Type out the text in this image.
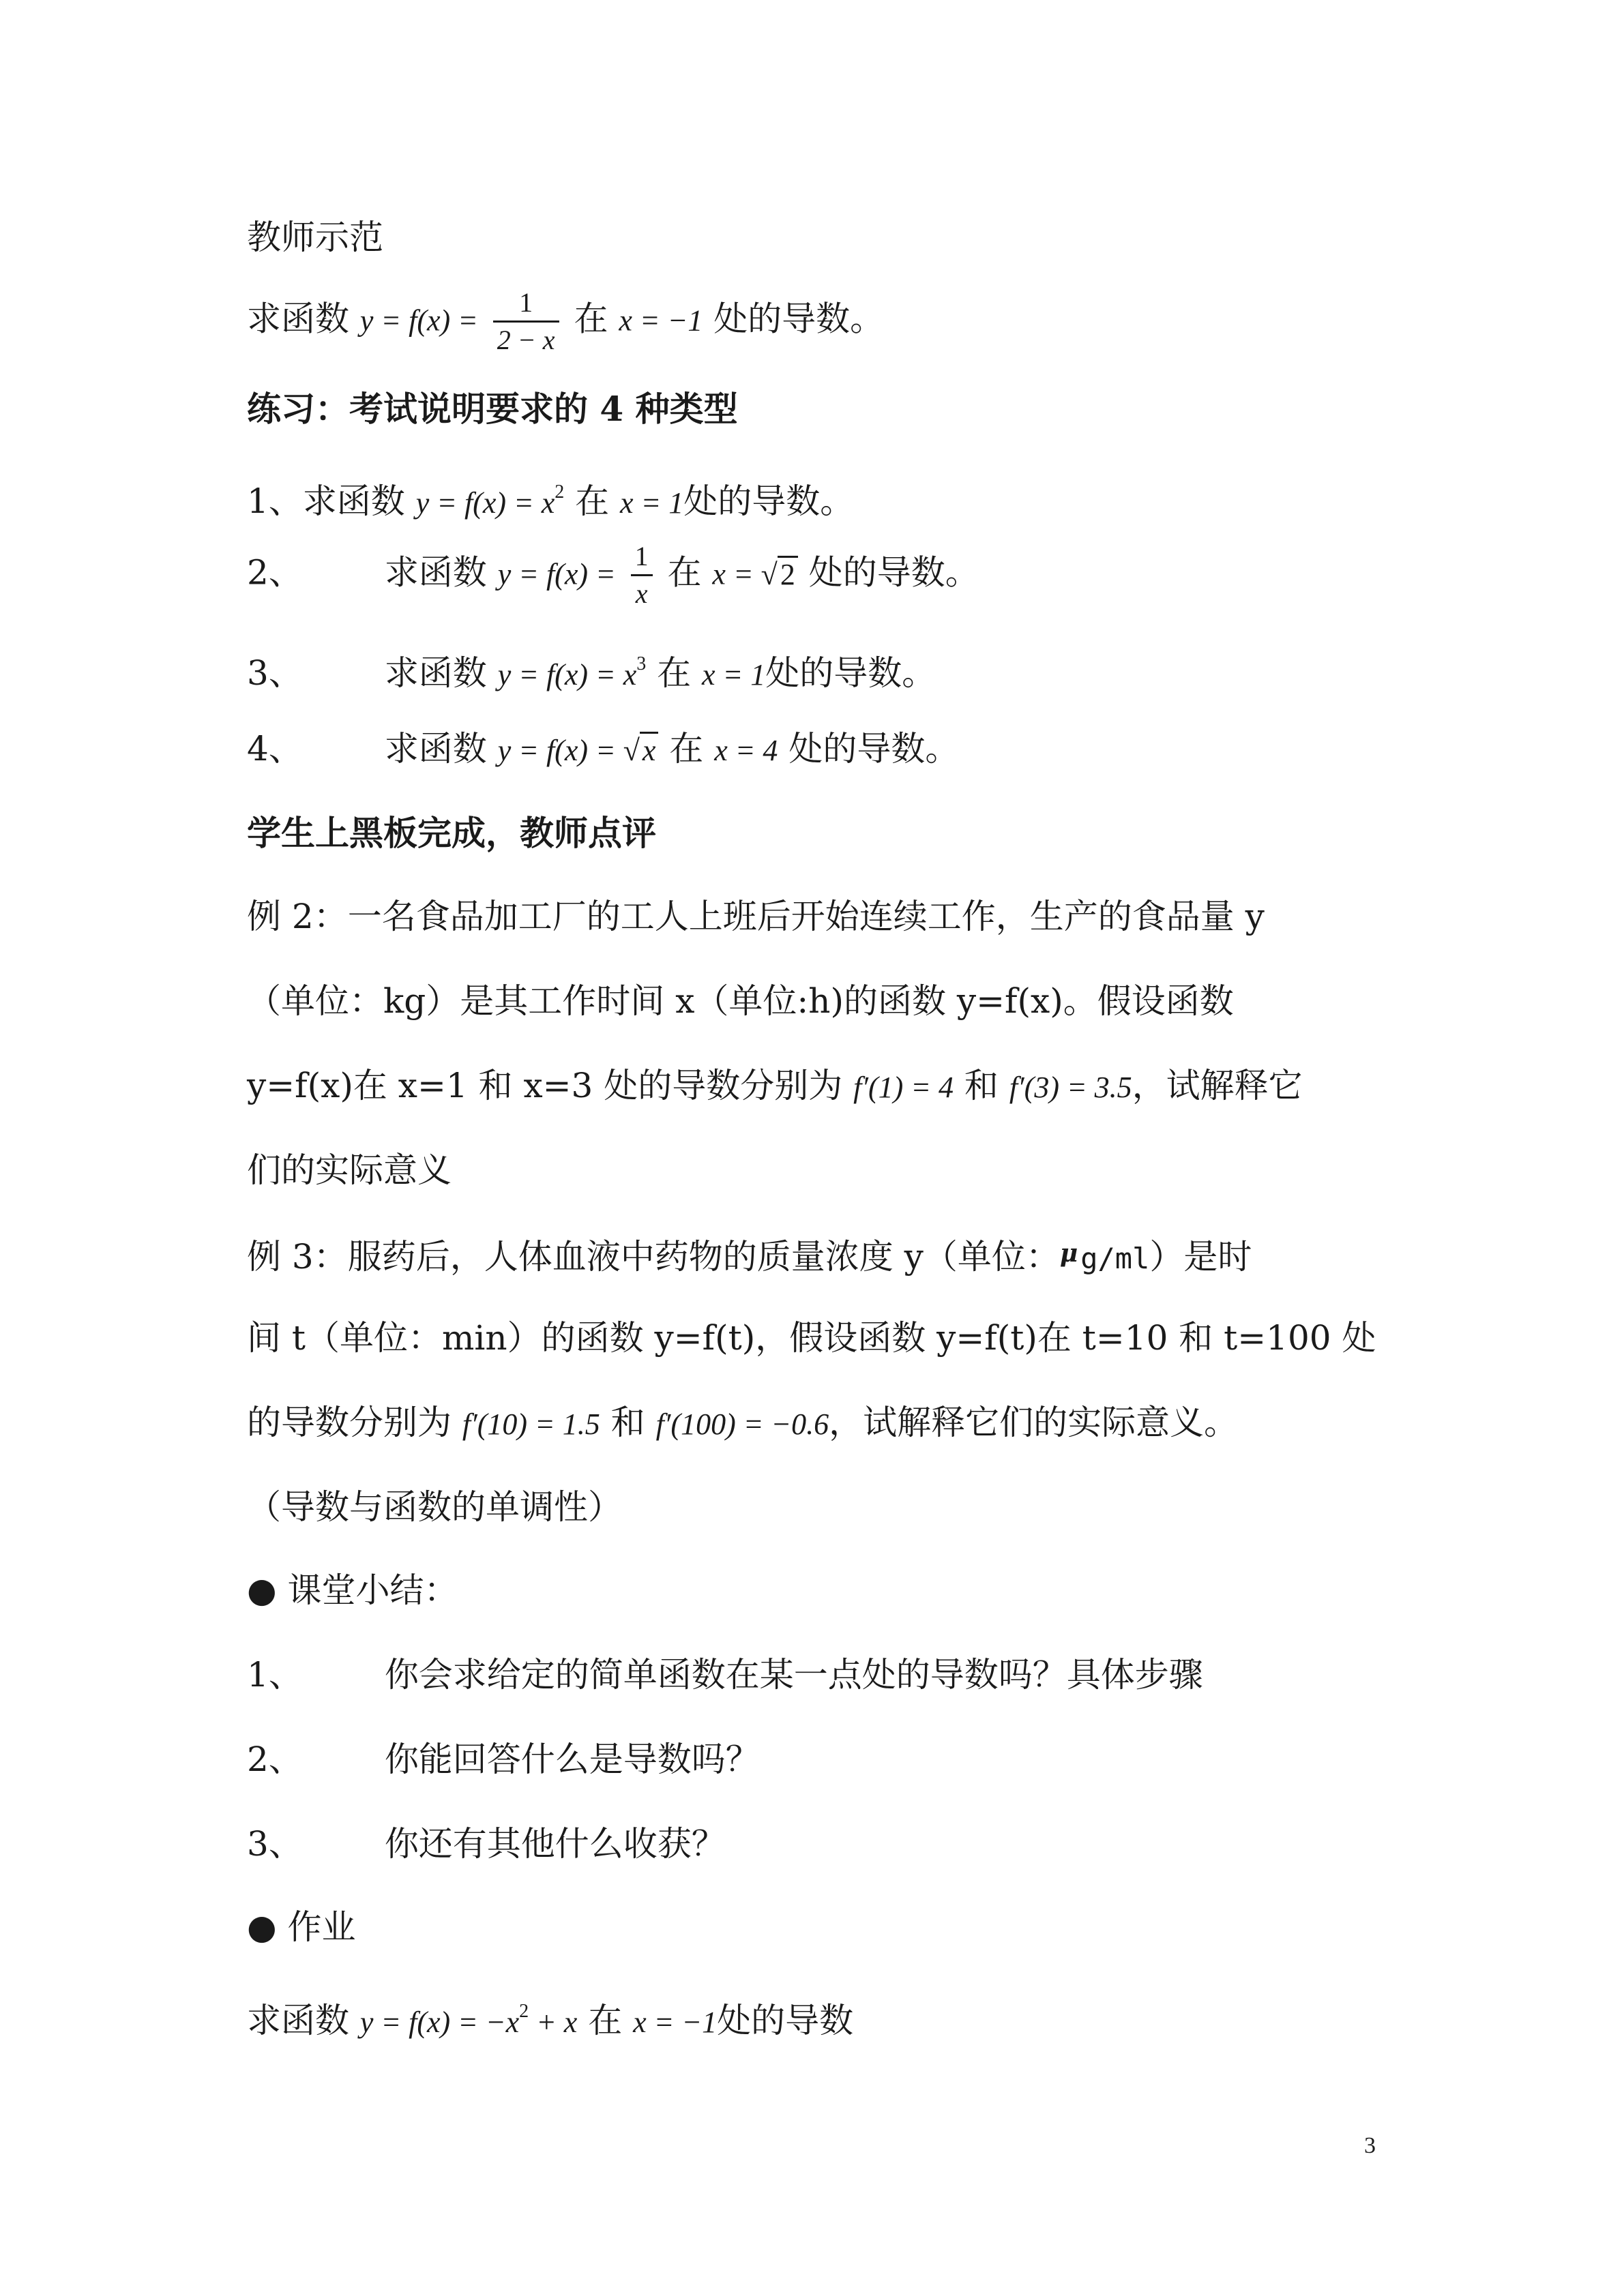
教师示范
求函数 $y = f(x) = \frac{1}{2 - x}$ 在 x = −1 处的导数。
练习：考试说明要求的 4 种类型
1、求函数 $y = f(x) = x^2$ 在 x = 1处的导数。
2、 求函数 $y = f(x) = \frac{1}{x}$ 在 x = √2 处的导数。
3、 求函数 $y = f(x) = x^3$ 在 x = 1处的导数。
4、 求函数 y = f(x) = √x 在 x = 4 处的导数。
学生上黑板完成，教师点评
例 2：一名食品加工厂的工人上班后开始连续工作，生产的食品量 y
（单位：kg）是其工作时间 x（单位:h)的函数 y=f(x)。假设函数
y=f(x)在 x=1 和 x=3 处的导数分别为 f′(1) = 4 和 f′(3) = 3.5，试解释它
们的实际意义
例 3：服药后，人体血液中药物的质量浓度 y（单位：$^\mu$g/ml）是时
间 t（单位：min）的函数 y=f(t)，假设函数 y=f(t)在 t=10 和 t=100 处
的导数分别为 f′(10) = 1.5 和 f′(100) = −0.6，试解释它们的实际意义。
（导数与函数的单调性）
● 课堂小结：
1、 你会求给定的简单函数在某一点处的导数吗？具体步骤
2、 你能回答什么是导数吗？
3、 你还有其他什么收获？
● 作业
求函数 $y = f(x) = -x^2 + x$ 在 x = −1处的导数
3
